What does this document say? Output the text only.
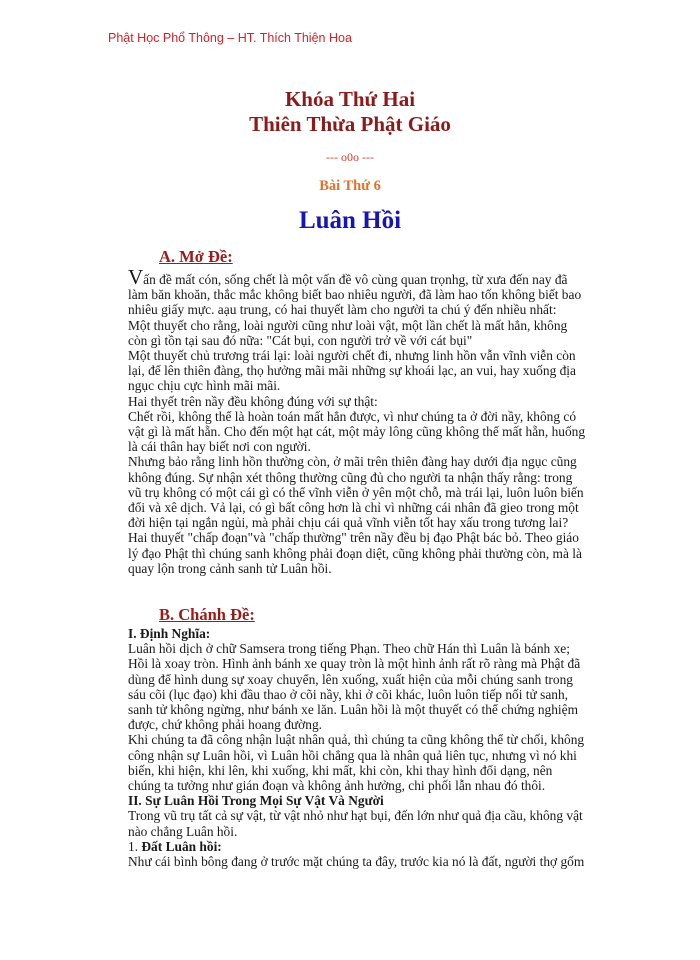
Phật Học Phổ Thông – HT. Thích Thiện Hoa
Khóa Thứ Hai
Thiên Thừa Phật Giáo
--- o0o ---
Bài Thứ 6
Luân Hồi
A. Mở Đề:

Vấn đề mất cón, sống chết là một vấn đề vô cùng quan trọnhg, từ xưa đến nay đã làm băn khoăn, thắc mắc không biết bao nhiêu người, đã làm hao tốn không biết bao nhiêu giấy mực. aạu trung, có hai thuyết làm cho người ta chú ý đến nhiều nhất:

Một thuyết cho rằng, loài người cũng như loài vật, một lần chết là mất hẳn, không còn gì tồn tại sau đó nữa: "Cát bụi, con người trở về với cát bụi"

Một thuyết chủ trương trái lại: loài người chết đi, nhưng linh hồn vẫn vĩnh viễn còn lại, để lên thiên đàng, thọ hưởng mãi mãi những sự khoái lạc, an vui, hay xuống địa ngục chịu cực hình mãi mãi.

Hai thyết trên nầy đều không đúng với sự thật:

Chết rồi, không thể là hoàn toán mất hẳn được, vì như chúng ta ở đời nầy, không có vật gì là mất hẵn. Cho đến một hạt cát, một mảy lông cũng không thể mất hẵn, huống là cái thân hay biết nơi con người.

Nhưng bảo rằng linh hồn thường còn, ở mãi trên thiên đàng hay dưới địa ngục cũng không đúng. Sự nhận xét thông thường cũng đủ cho người ta nhận thấy rằng: trong vũ trụ không có một cái gì có thể vĩnh viễn ở yên một chỗ, mà trái lại, luôn luôn biến đổi và xê dịch. Vả lại, có gì bất công hơn là chỉ vì những cái nhân đã gieo trong một đời hiện tại ngắn ngủi, mà phải chịu cái quả vĩnh viễn tốt hay xấu trong tương lai?

Hai thuyết "chấp đoạn"và "chấp thường" trên nầy đều bị đạo Phật bác bỏ. Theo giáo lý đạo Phật thì chúng sanh không phải đoạn diệt, cũng không phải thường còn, mà là quay lộn trong cảnh sanh tử Luân hồi.

B. Chánh Đề:

I. Định Nghĩa:

Luân hồi dịch ở chữ Samsera trong tiếng Phạn. Theo chữ Hán thì Luân là bánh xe; Hồi là xoay tròn. Hình ảnh bánh xe quay tròn là một hình ảnh rất rõ ràng mà Phật đã dùng để hình dung sự xoay chuyển, lên xuống, xuất hiện của mỗi chúng sanh trong sáu cõi (lục đạo) khi đầu thao ở cõi nầy, khi ở cõi khác, luôn luôn tiếp nối tử sanh, sanh tử không ngừng, như bánh xe lăn. Luân hồi là một thuyết có thể chứng nghiệm được, chứ không phải hoang đường.

Khi chúng ta đã công nhận luật nhân quả, thì chúng ta cũng không thể từ chối, không công nhận sự Luân hồi, vì Luân hồi chẳng qua là nhân quả liên tục, nhưng vì nó khi biến, khi hiện, khi lên, khi xuống, khi mất, khi còn, khi thay hình đổi dạng, nên chúng ta tưởng như gián đoạn và không ảnh hưởng, chi phối lẫn nhau đó thôi.

II. Sự Luân Hồi Trong Mọi Sự Vật Và Người

Trong vũ trụ tất cả sự vật, từ vật nhỏ như hạt bụi, đến lớn như quả địa cầu, không vật nào chẳng Luân hồi.

1. Đất Luân hồi:

Như cái bình bông đang ở trước mặt chúng ta đây, trước kia nó là đất, người thợ gốm
